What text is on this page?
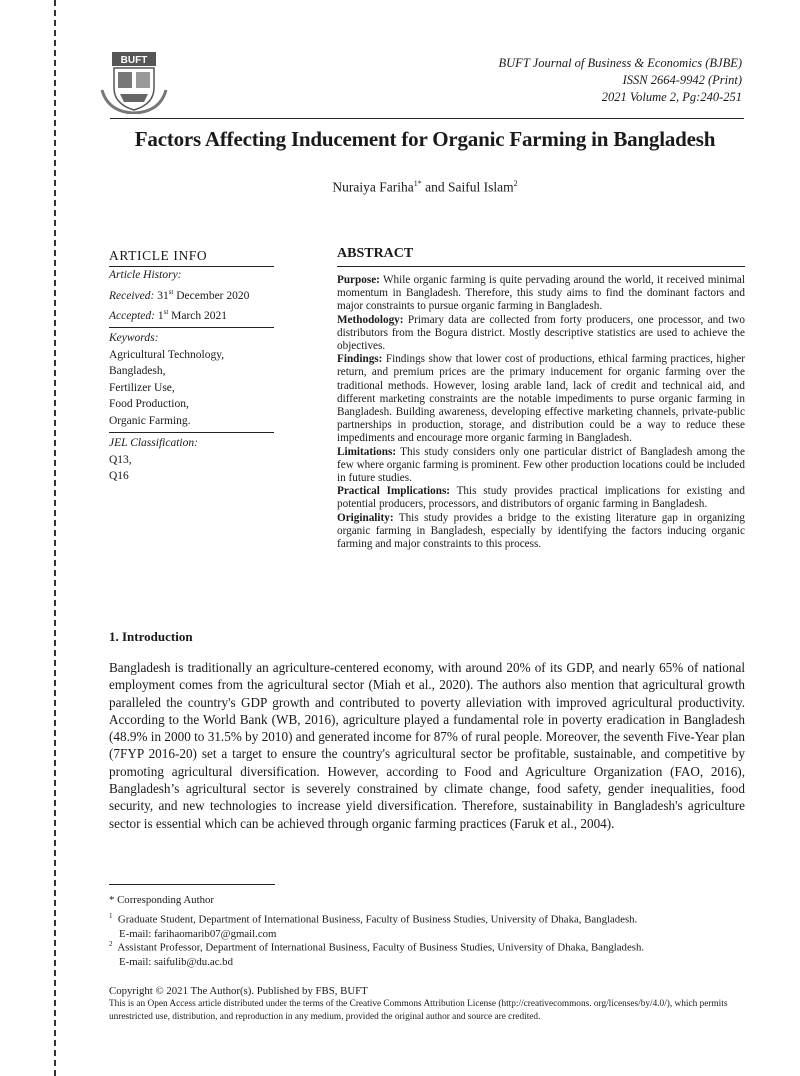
BUFT	BUFT Journal of Business & Economics (BJBE)
ISSN 2664-9942 (Print)
2021 Volume 2, Pg:240-251
Factors Affecting Inducement for Organic Farming in Bangladesh
Nuraiya Fariha$^{1*}$ and Saiful Islam$^2$
ARTICLE INFO
Article History:
Received: 31st December 2020
Accepted: 1st March 2021
Keywords:
Agricultural Technology,
Bangladesh,
Fertilizer Use,
Food Production,
Organic Farming.
JEL Classification:
Q13,
Q16
ABSTRACT

Purpose: While organic farming is quite pervading around the world, it received minimal momentum in Bangladesh. Therefore, this study aims to find the dominant factors and major constraints to pursue organic farming in Bangladesh.

Methodology: Primary data are collected from forty producers, one processor, and two distributors from the Bogura district. Mostly descriptive statistics are used to achieve the objectives.

Findings: Findings show that lower cost of productions, ethical farming practices, higher return, and premium prices are the primary inducement for organic farming over the traditional methods. However, losing arable land, lack of credit and technical aid, and different marketing constraints are the notable impediments to purse organic farming in Bangladesh. Building awareness, developing effective marketing channels, private-public partnerships in production, storage, and distribution could be a way to reduce these impediments and encourage more organic farming in Bangladesh.

Limitations: This study considers only one particular district of Bangladesh among the few where organic farming is prominent. Few other production locations could be included in future studies.

Practical Implications: This study provides practical implications for existing and potential producers, processors, and distributors of organic farming in Bangladesh.

Originality: This study provides a bridge to the existing literature gap in organizing organic farming in Bangladesh, especially by identifying the factors inducing organic farming and major constraints to this process.

1. Introduction

Bangladesh is traditionally an agriculture-centered economy, with around 20% of its GDP, and nearly 65% of national employment comes from the agricultural sector (Miah et al., 2020). The authors also mention that agricultural growth paralleled the country's GDP growth and contributed to poverty alleviation with improved agricultural productivity. According to the World Bank (WB, 2016), agriculture played a fundamental role in poverty eradication in Bangladesh (48.9% in 2000 to 31.5% by 2010) and generated income for 87% of rural people. Moreover, the seventh Five-Year plan (7FYP 2016-20) set a target to ensure the country's agricultural sector be profitable, sustainable, and competitive by promoting agricultural diversification. However, according to Food and Agriculture Organization (FAO, 2016), Bangladesh’s agricultural sector is severely constrained by climate change, food safety, gender inequalities, food security, and new technologies to increase yield diversification. Therefore, sustainability in Bangladesh's agriculture sector is essential which can be achieved through organic farming practices (Faruk et al., 2004).

* Corresponding Author
$^1$ Graduate Student, Department of International Business, Faculty of Business Studies, University of Dhaka, Bangladesh.
E-mail: farihaomarib07@gmail.com
$^2$ Assistant Professor, Department of International Business, Faculty of Business Studies, University of Dhaka, Bangladesh.
E-mail: saifulib@du.ac.bd
Copyright © 2021 The Author(s). Published by FBS, BUFT
This is an Open Access article distributed under the terms of the Creative Commons Attribution License (http://creativecommons. org/licenses/by/4.0/), which permits unrestricted use, distribution, and reproduction in any medium, provided the original author and source are credited.
